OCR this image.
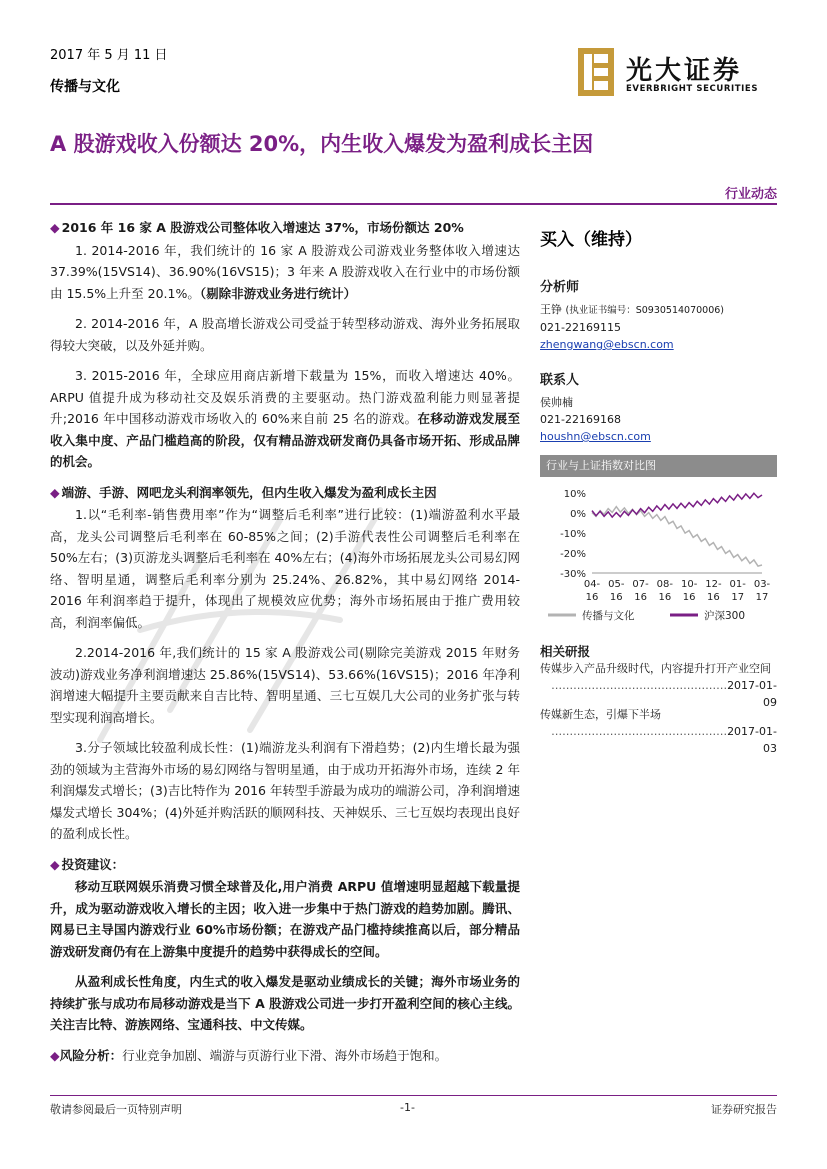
2017 年 5 月 11 日
传播与文化
光大证券
EVERBRIGHT SECURITIES
A 股游戏收入份额达 20%，内生收入爆发为盈利成长主因
行业动态
◆ 2016 年 16 家 A 股游戏公司整体收入增速达 37%，市场份额达 20%
1. 2014-2016 年，我们统计的 16 家 A 股游戏公司游戏业务整体收入增速达 37.39%(15VS14)、36.90%(16VS15)；3 年来 A 股游戏收入在行业中的市场份额由 15.5%上升至 20.1%。（剔除非游戏业务进行统计）
2. 2014-2016 年，A 股高增长游戏公司受益于转型移动游戏、海外业务拓展取得较大突破，以及外延并购。
3. 2015-2016 年，全球应用商店新增下载量为 15%，而收入增速达 40%。ARPU 值提升成为移动社交及娱乐消费的主要驱动。热门游戏盈利能力则显著提升;2016 年中国移动游戏市场收入的 60%来自前 25 名的游戏。在移动游戏发展至收入集中度、产品门槛趋高的阶段，仅有精品游戏研发商仍具备市场开拓、形成品牌的机会。
◆ 端游、手游、网吧龙头利润率领先，但内生收入爆发为盈利成长主因
1.以“毛利率-销售费用率”作为“调整后毛利率”进行比较：(1)端游盈利水平最高，龙头公司调整后毛利率在 60-85%之间；(2)手游代表性公司调整后毛利率在 50%左右；(3)页游龙头调整后毛利率在 40%左右；(4)海外市场拓展龙头公司易幻网络、智明星通，调整后毛利率分别为 25.24%、26.82%，其中易幻网络 2014-2016 年利润率趋于提升，体现出了规模效应优势；海外市场拓展由于推广费用较高，利润率偏低。
2.2014-2016 年,我们统计的 15 家 A 股游戏公司(剔除完美游戏 2015 年财务波动)游戏业务净利润增速达 25.86%(15VS14)、53.66%(16VS15)；2016 年净利润增速大幅提升主要贡献来自吉比特、智明星通、三七互娱几大公司的业务扩张与转型实现利润高增长。
3.分子领域比较盈利成长性：(1)端游龙头利润有下滑趋势；(2)内生增长最为强劲的领域为主营海外市场的易幻网络与智明星通，由于成功开拓海外市场，连续 2 年利润爆发式增长；(3)吉比特作为 2016 年转型手游最为成功的端游公司，净利润增速爆发式增长 304%；(4)外延并购活跃的顺网科技、天神娱乐、三七互娱均表现出良好的盈利成长性。
◆ 投资建议：
移动互联网娱乐消费习惯全球普及化,用户消费 ARPU 值增速明显超越下载量提升，成为驱动游戏收入增长的主因；收入进一步集中于热门游戏的趋势加剧。腾讯、网易已主导国内游戏行业 60%市场份额；在游戏产品门槛持续推高以后，部分精品游戏研发商仍有在上游集中度提升的趋势中获得成长的空间。
从盈利成长性角度，内生式的收入爆发是驱动业绩成长的关键；海外市场业务的持续扩张与成功布局移动游戏是当下 A 股游戏公司进一步打开盈利空间的核心主线。关注吉比特、游族网络、宝通科技、中文传媒。
◆风险分析：行业竞争加剧、端游与页游行业下滑、海外市场趋于饱和。
买入（维持）
分析师
王铮 (执业证书编号：S0930514070006)
021-22169115
zhengwang@ebscn.com
联系人
侯帅楠
021-22169168
houshn@ebscn.com
行业与上证指数对比图
10%
0%
-10%
-20%
-30%
04-
16
05-
16
07-
16
08-
16
10-
16
12-
16
01-
17
03-
17
传播与文化	沪深300
相关研报
传媒步入产品升级时代，内容提升打开产业空间
…………………………………………2017-01-09
传媒新生态，引爆下半场
…………………………………………2017-01-03
敬请参阅最后一页特别声明	-1-	证券研究报告
